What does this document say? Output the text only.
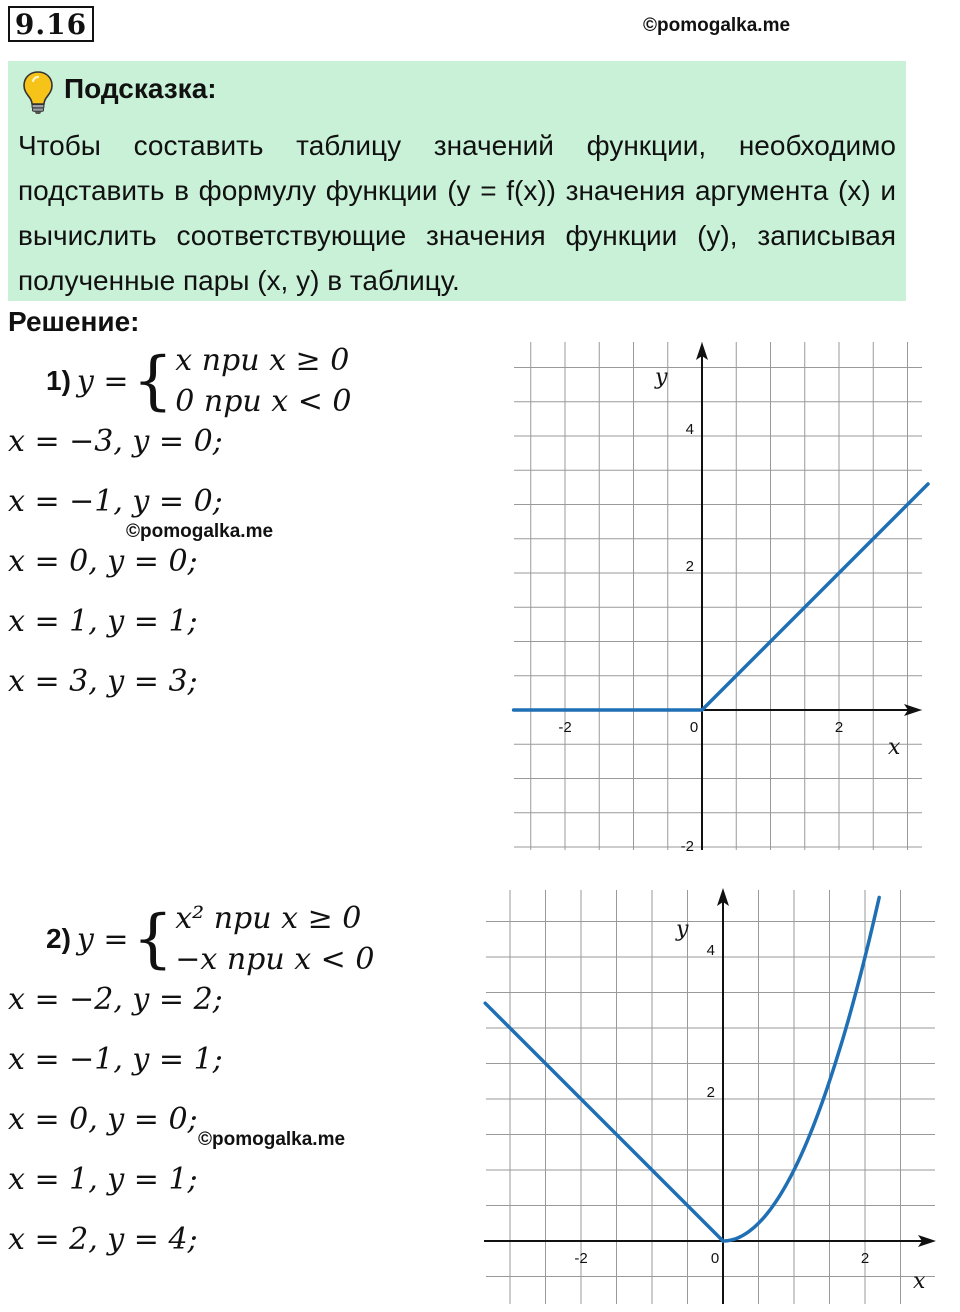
9.16	©pomogalka.me
Подсказка:
Чтобы составить таблицу значений функции, необходимо подставить в формулу функции (y = f(x)) значения аргумента (x) и вычислить соответствующие значения функции (y), записывая полученные пары (x, y) в таблицу.
Решение:
1) y = { x при x ≥ 0
0 при x < 0
x = −3, y = 0;
x = −1, y = 0;
©pomogalka.me
x = 0, y = 0;
x = 1, y = 1;
x = 3, y = 3;
2) y = { x² при x ≥ 0
−x при x < 0
x = −2, y = 2;
x = −1, y = 1;
x = 0, y = 0;
©pomogalka.me
x = 1, y = 1;
x = 2, y = 4;
-2	0	2
-2
2
4
x
y
-2	0	2
2
4
x
y
